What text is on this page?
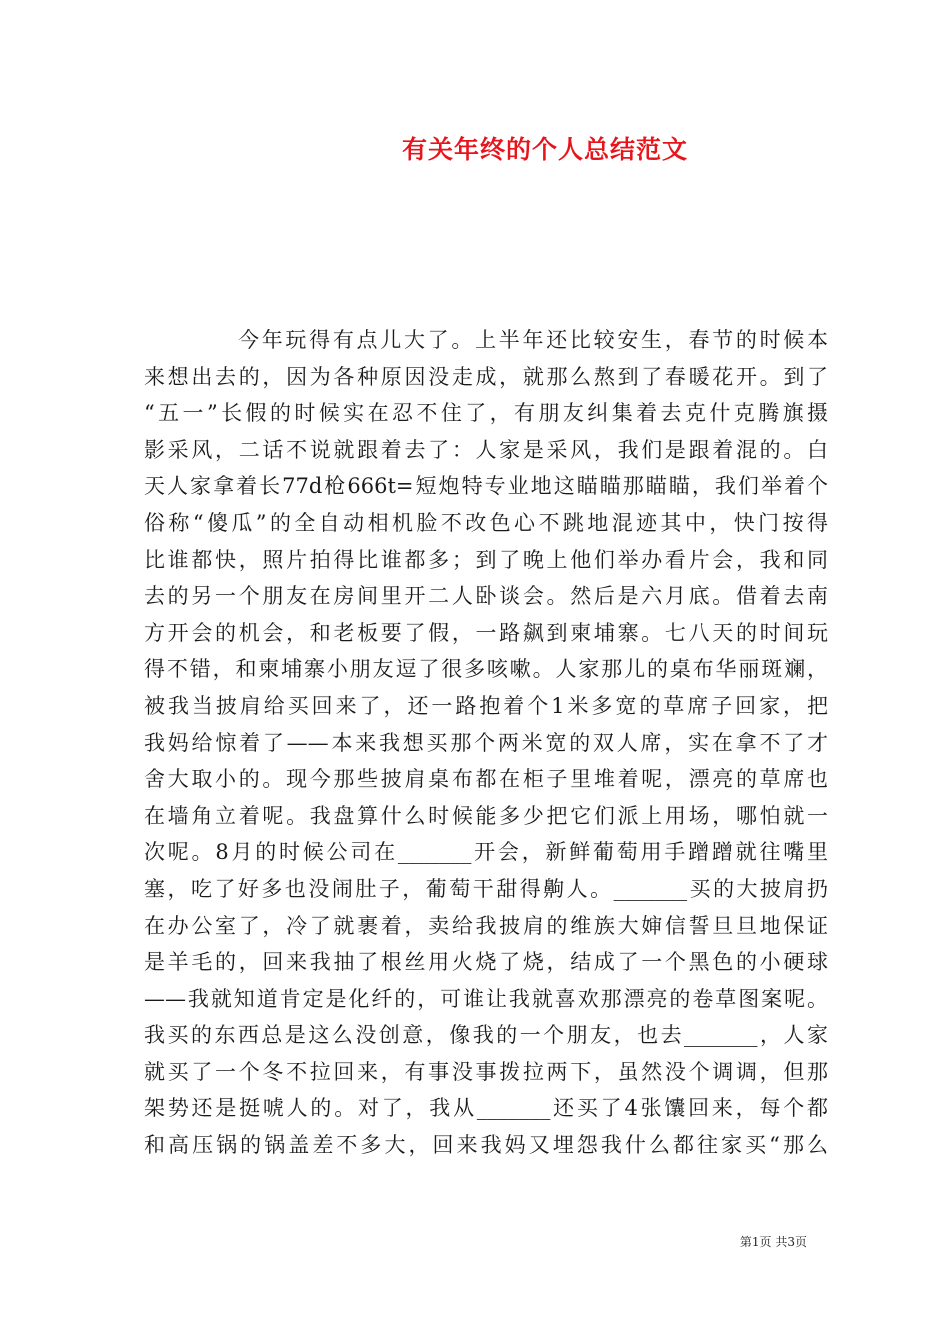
有关年终的个人总结范文
今年玩得有点儿大了。上半年还比较安生，春节的时候本
来想出去的，因为各种原因没走成，就那么熬到了春暖花开。到了
“五一”长假的时候实在忍不住了，有朋友纠集着去克什克腾旗摄
影采风，二话不说就跟着去了：人家是采风，我们是跟着混的。白
天人家拿着长77d枪666t=短炮特专业地这瞄瞄那瞄瞄，我们举着个
俗称“傻瓜”的全自动相机脸不改色心不跳地混迹其中，快门按得
比谁都快，照片拍得比谁都多；到了晚上他们举办看片会，我和同
去的另一个朋友在房间里开二人卧谈会。然后是六月底。借着去南
方开会的机会，和老板要了假，一路飙到柬埔寨。七八天的时间玩
得不错，和柬埔寨小朋友逗了很多咳嗽。人家那儿的桌布华丽斑斓，
被我当披肩给买回来了，还一路抱着个1米多宽的草席子回家，把
我妈给惊着了——本来我想买那个两米宽的双人席，实在拿不了才
舍大取小的。现今那些披肩桌布都在柜子里堆着呢，漂亮的草席也
在墙角立着呢。我盘算什么时候能多少把它们派上用场，哪怕就一
次呢。8月的时候公司在_______开会，新鲜葡萄用手蹭蹭就往嘴里
塞，吃了好多也没闹肚子，葡萄干甜得齁人。_______买的大披肩扔
在办公室了，冷了就裹着，卖给我披肩的维族大婶信誓旦旦地保证
是羊毛的，回来我抽了根丝用火烧了烧，结成了一个黑色的小硬球
——我就知道肯定是化纤的，可谁让我就喜欢那漂亮的卷草图案呢。
我买的东西总是这么没创意，像我的一个朋友，也去_______，人家
就买了一个冬不拉回来，有事没事拨拉两下，虽然没个调调，但那
架势还是挺唬人的。对了，我从_______还买了4张馕回来，每个都
和高压锅的锅盖差不多大，回来我妈又埋怨我什么都往家买“那么
第1页 共3页
